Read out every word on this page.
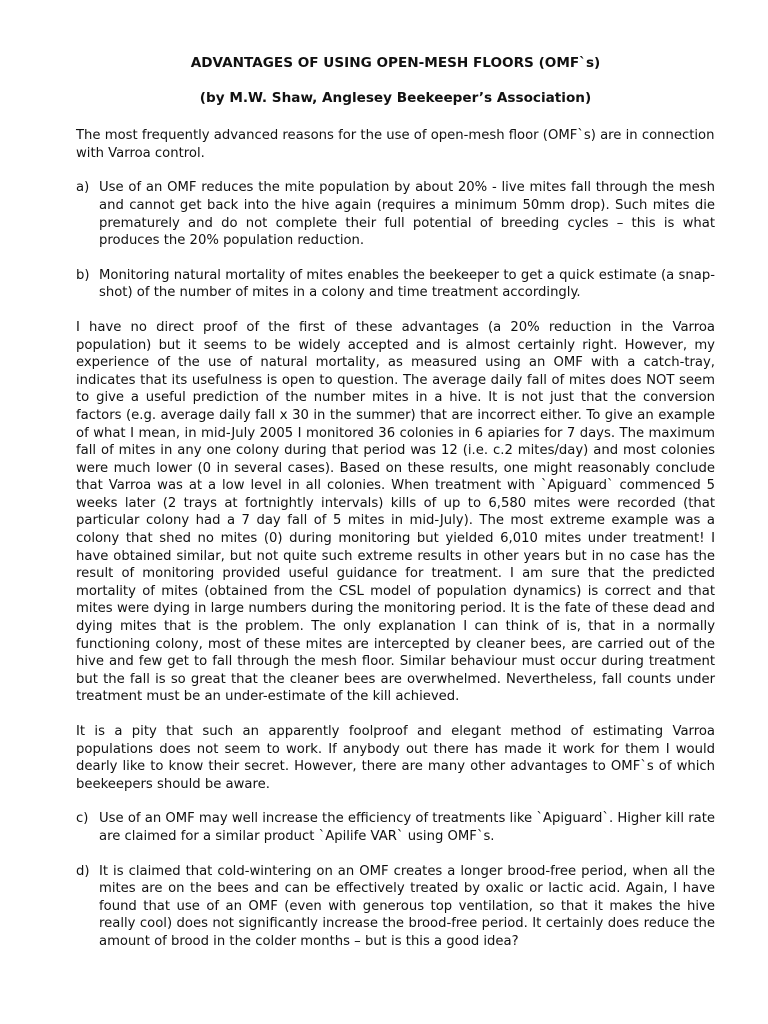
ADVANTAGES OF USING OPEN-MESH FLOORS (OMF`s)
(by M.W. Shaw, Anglesey Beekeeper’s Association)

The most frequently advanced reasons for the use of open-mesh floor (OMF`s) are in connection with Varroa control.

a) Use of an OMF reduces the mite population by about 20% - live mites fall through the mesh and cannot get back into the hive again (requires a minimum 50mm drop). Such mites die prematurely and do not complete their full potential of breeding cycles – this is what produces the 20% population reduction.
b) Monitoring natural mortality of mites enables the beekeeper to get a quick estimate (a snap-shot) of the number of mites in a colony and time treatment accordingly.

I have no direct proof of the first of these advantages (a 20% reduction in the Varroa population) but it seems to be widely accepted and is almost certainly right. However, my experience of the use of natural mortality, as measured using an OMF with a catch-tray, indicates that its usefulness is open to question. The average daily fall of mites does NOT seem to give a useful prediction of the number mites in a hive. It is not just that the conversion factors (e.g. average daily fall x 30 in the summer) that are incorrect either. To give an example of what I mean, in mid-July 2005 I monitored 36 colonies in 6 apiaries for 7 days. The maximum fall of mites in any one colony during that period was 12 (i.e. c.2 mites/day) and most colonies were much lower (0 in several cases). Based on these results, one might reasonably conclude that Varroa was at a low level in all colonies. When treatment with `Apiguard` commenced 5 weeks later (2 trays at fortnightly intervals) kills of up to 6,580 mites were recorded (that particular colony had a 7 day fall of 5 mites in mid-July). The most extreme example was a colony that shed no mites (0) during monitoring but yielded 6,010 mites under treatment! I have obtained similar, but not quite such extreme results in other years but in no case has the result of monitoring provided useful guidance for treatment. I am sure that the predicted mortality of mites (obtained from the CSL model of population dynamics) is correct and that mites were dying in large numbers during the monitoring period. It is the fate of these dead and dying mites that is the problem. The only explanation I can think of is, that in a normally functioning colony, most of these mites are intercepted by cleaner bees, are carried out of the hive and few get to fall through the mesh floor. Similar behaviour must occur during treatment but the fall is so great that the cleaner bees are overwhelmed. Nevertheless, fall counts under treatment must be an under-estimate of the kill achieved.

It is a pity that such an apparently foolproof and elegant method of estimating Varroa populations does not seem to work. If anybody out there has made it work for them I would dearly like to know their secret. However, there are many other advantages to OMF`s of which beekeepers should be aware.

c) Use of an OMF may well increase the efficiency of treatments like `Apiguard`. Higher kill rate are claimed for a similar product `Apilife VAR` using OMF`s.
d) It is claimed that cold-wintering on an OMF creates a longer brood-free period, when all the mites are on the bees and can be effectively treated by oxalic or lactic acid. Again, I have found that use of an OMF (even with generous top ventilation, so that it makes the hive really cool) does not significantly increase the brood-free period. It certainly does reduce the amount of brood in the colder months – but is this a good idea?
